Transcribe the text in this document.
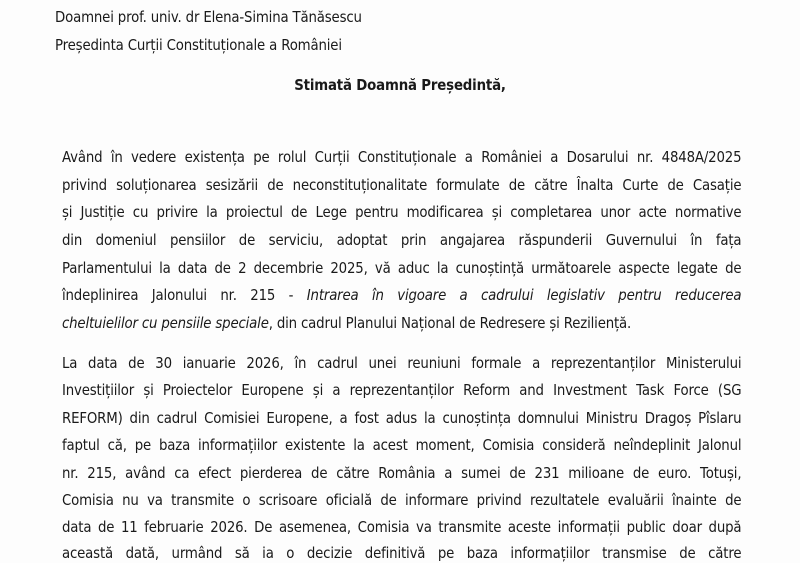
Doamnei prof. univ. dr Elena-Simina Tănăsescu
Președinta Curții Constituționale a României
Stimată Doamnă Președintă,
Având în vedere existența pe rolul Curții Constituționale a României a Dosarului nr. 4848A/2025
privind soluționarea sesizării de neconstituționalitate formulate de către Înalta Curte de Casație
și Justiție cu privire la proiectul de Lege pentru modificarea și completarea unor acte normative
din domeniul pensiilor de serviciu, adoptat prin angajarea răspunderii Guvernului în fața
Parlamentului la data de 2 decembrie 2025, vă aduc la cunoștință următoarele aspecte legate de
îndeplinirea Jalonului nr. 215 - Intrarea în vigoare a cadrului legislativ pentru reducerea
cheltuielilor cu pensiile speciale, din cadrul Planului Național de Redresere și Reziliență.
La data de 30 ianuarie 2026, în cadrul unei reuniuni formale a reprezentanților Ministerului
Investițiilor și Proiectelor Europene și a reprezentanților Reform and Investment Task Force (SG
REFORM) din cadrul Comisiei Europene, a fost adus la cunoștința domnului Ministru Dragoș Pîslaru
faptul că, pe baza informațiilor existente la acest moment, Comisia consideră neîndeplinit Jalonul
nr. 215, având ca efect pierderea de către România a sumei de 231 milioane de euro. Totuși,
Comisia nu va transmite o scrisoare oficială de informare privind rezultatele evaluării înainte de
data de 11 februarie 2026. De asemenea, Comisia va transmite aceste informații public doar după
această dată, urmând să ia o decizie definitivă pe baza informațiilor transmise de către
